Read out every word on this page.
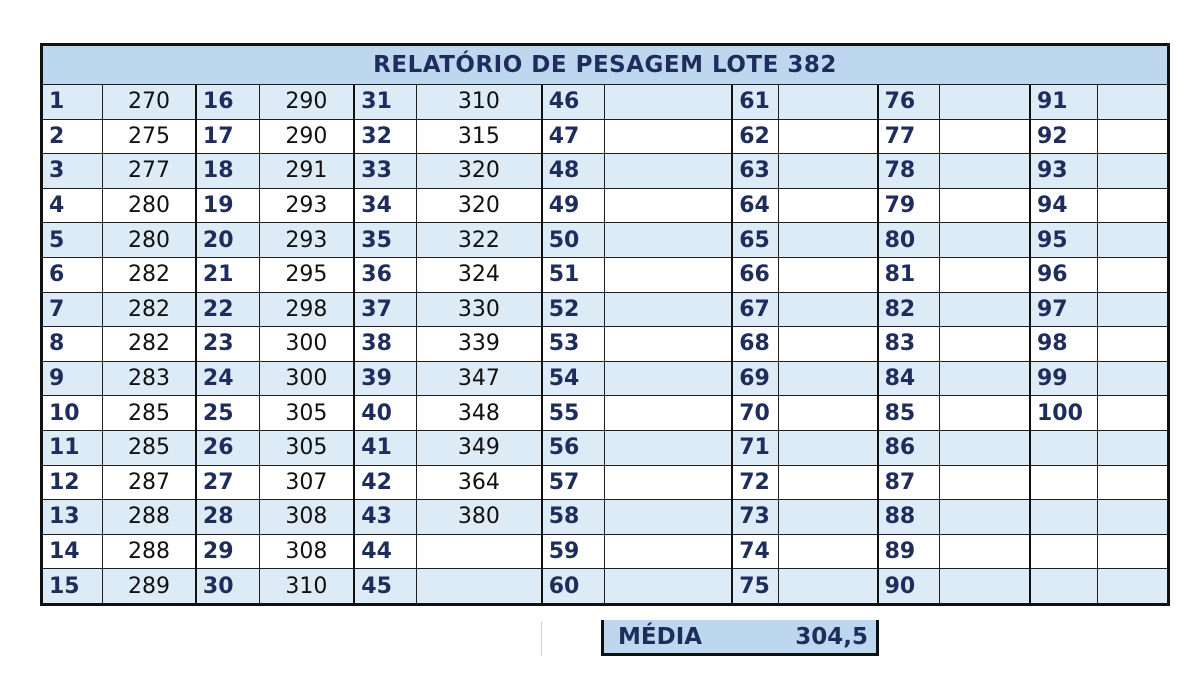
RELATÓRIO DE PESAGEM LOTE 382													
1	270	16	290	31	310	46		61		76		91	
2	275	17	290	32	315	47		62		77		92	
3	277	18	291	33	320	48		63		78		93	
4	280	19	293	34	320	49		64		79		94	
5	280	20	293	35	322	50		65		80		95	
6	282	21	295	36	324	51		66		81		96	
7	282	22	298	37	330	52		67		82		97	
8	282	23	300	38	339	53		68		83		98	
9	283	24	300	39	347	54		69		84		99	
10	285	25	305	40	348	55		70		85		100	
11	285	26	305	41	349	56		71		86			
12	287	27	307	42	364	57		72		87			
13	288	28	308	43	380	58		73		88			
14	288	29	308	44		59		74		89			
15	289	30	310	45		60		75		90			
MÉDIA	304,5
